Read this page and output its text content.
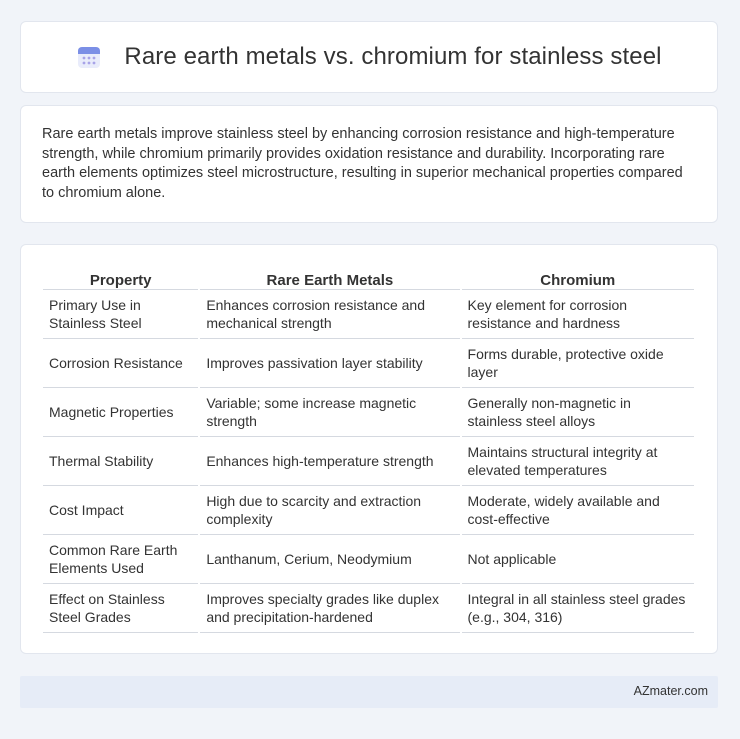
Rare earth metals vs. chromium for stainless steel

Rare earth metals improve stainless steel by enhancing corrosion resistance and high-temperature strength, while chromium primarily provides oxidation resistance and durability. Incorporating rare earth elements optimizes steel microstructure, resulting in superior mechanical properties compared to chromium alone.

Property	Rare Earth Metals	Chromium
Primary Use in Stainless Steel	Enhances corrosion resistance and mechanical strength	Key element for corrosion resistance and hardness
Corrosion Resistance	Improves passivation layer stability	Forms durable, protective oxide layer
Magnetic Properties	Variable; some increase magnetic strength	Generally non-magnetic in stainless steel alloys
Thermal Stability	Enhances high-temperature strength	Maintains structural integrity at elevated temperatures
Cost Impact	High due to scarcity and extraction complexity	Moderate, widely available and cost-effective
Common Rare Earth Elements Used	Lanthanum, Cerium, Neodymium	Not applicable
Effect on Stainless Steel Grades	Improves specialty grades like duplex and precipitation-hardened	Integral in all stainless steel grades (e.g., 304, 316)
AZmater.com
